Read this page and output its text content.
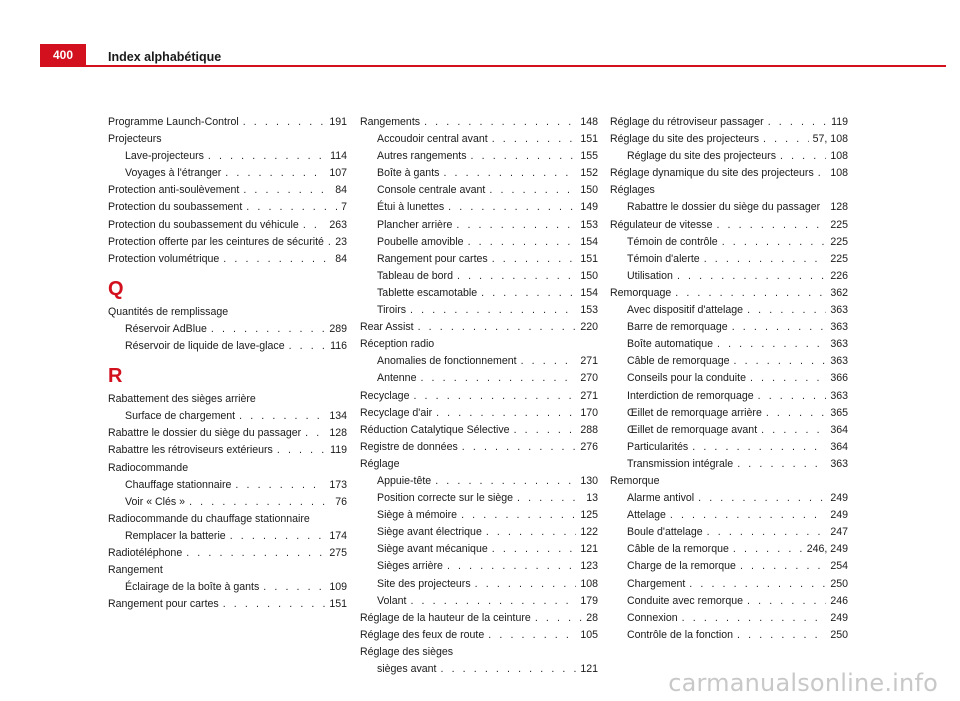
400	Index alphabétique
Programme Launch-Control . . .	191
Projecteurs
Lave-projecteurs . . .	114
Voyages à l'étranger . . .	107
Protection anti-soulèvement . . .	84
Protection du soubassement . . .	7
Protection du soubassement du véhicule . . .	263
Protection offerte par les ceintures de sécurité . . . 23
Protection volumétrique . . .	84
Q
Quantités de remplissage
Réservoir AdBlue . . .	289
Réservoir de liquide de lave-glace . . .	116
R
Rabattement des sièges arrière
Surface de chargement . . .	134
Rabattre le dossier du siège du passager . . .	128
Rabattre les rétroviseurs extérieurs . . .	119
Radiocommande
Chauffage stationnaire . . .	173
Voir « Clés » . . .	76
Radiocommande du chauffage stationnaire
Remplacer la batterie . . .	174
Radiotéléphone . . .	275
Rangement
Éclairage de la boîte à gants . . .	109
Rangement pour cartes . . .	151
Rangements . . .	148
Accoudoir central avant . . .	151
Autres rangements . . .	155
Boîte à gants . . .	152
Console centrale avant . . .	150
Étui à lunettes . . .	149
Plancher arrière . . .	153
Poubelle amovible . . .	154
Rangement pour cartes . . .	151
Tableau de bord . . .	150
Tablette escamotable . . .	154
Tiroirs . . .	153
Rear Assist . . .	220
Réception radio
Anomalies de fonctionnement . . .	271
Antenne . . .	270
Recyclage . . .	271
Recyclage d'air . . .	170
Réduction Catalytique Sélective . . .	288
Registre de données . . .	276
Réglage
Appuie-tête . . .	130
Position correcte sur le siège . . .	13
Siège à mémoire . . .	125
Siège avant électrique . . .	122
Siège avant mécanique . . .	121
Sièges arrière . . .	123
Site des projecteurs . . .	108
Volant . . .	179
Réglage de la hauteur de la ceinture . . .	28
Réglage des feux de route . . .	105
Réglage des sièges
sièges avant . . .	121
Réglage du rétroviseur passager . . .	119
Réglage du site des projecteurs . . .	57, 108
Réglage du site des projecteurs . . .	108
Réglage dynamique du site des projecteurs . . . 108
Réglages
Rabattre le dossier du siège du passager 128
Régulateur de vitesse . . .	225
Témoin de contrôle . . .	225
Témoin d'alerte . . .	225
Utilisation . . .	226
Remorquage . . .	362
Avec dispositif d'attelage . . .	363
Barre de remorquage . . .	363
Boîte automatique . . .	363
Câble de remorquage . . .	363
Conseils pour la conduite . . .	366
Interdiction de remorquage . . .	363
Œillet de remorquage arrière . . .	365
Œillet de remorquage avant . . .	364
Particularités . . .	364
Transmission intégrale . . .	363
Remorque
Alarme antivol . . .	249
Attelage . . .	249
Boule d'attelage . . .	247
Câble de la remorque . . .	246, 249
Charge de la remorque . . .	254
Chargement . . .	250
Conduite avec remorque . . .	246
Connexion . . .	249
Contrôle de la fonction . . .	250
carmanualsonline.info
